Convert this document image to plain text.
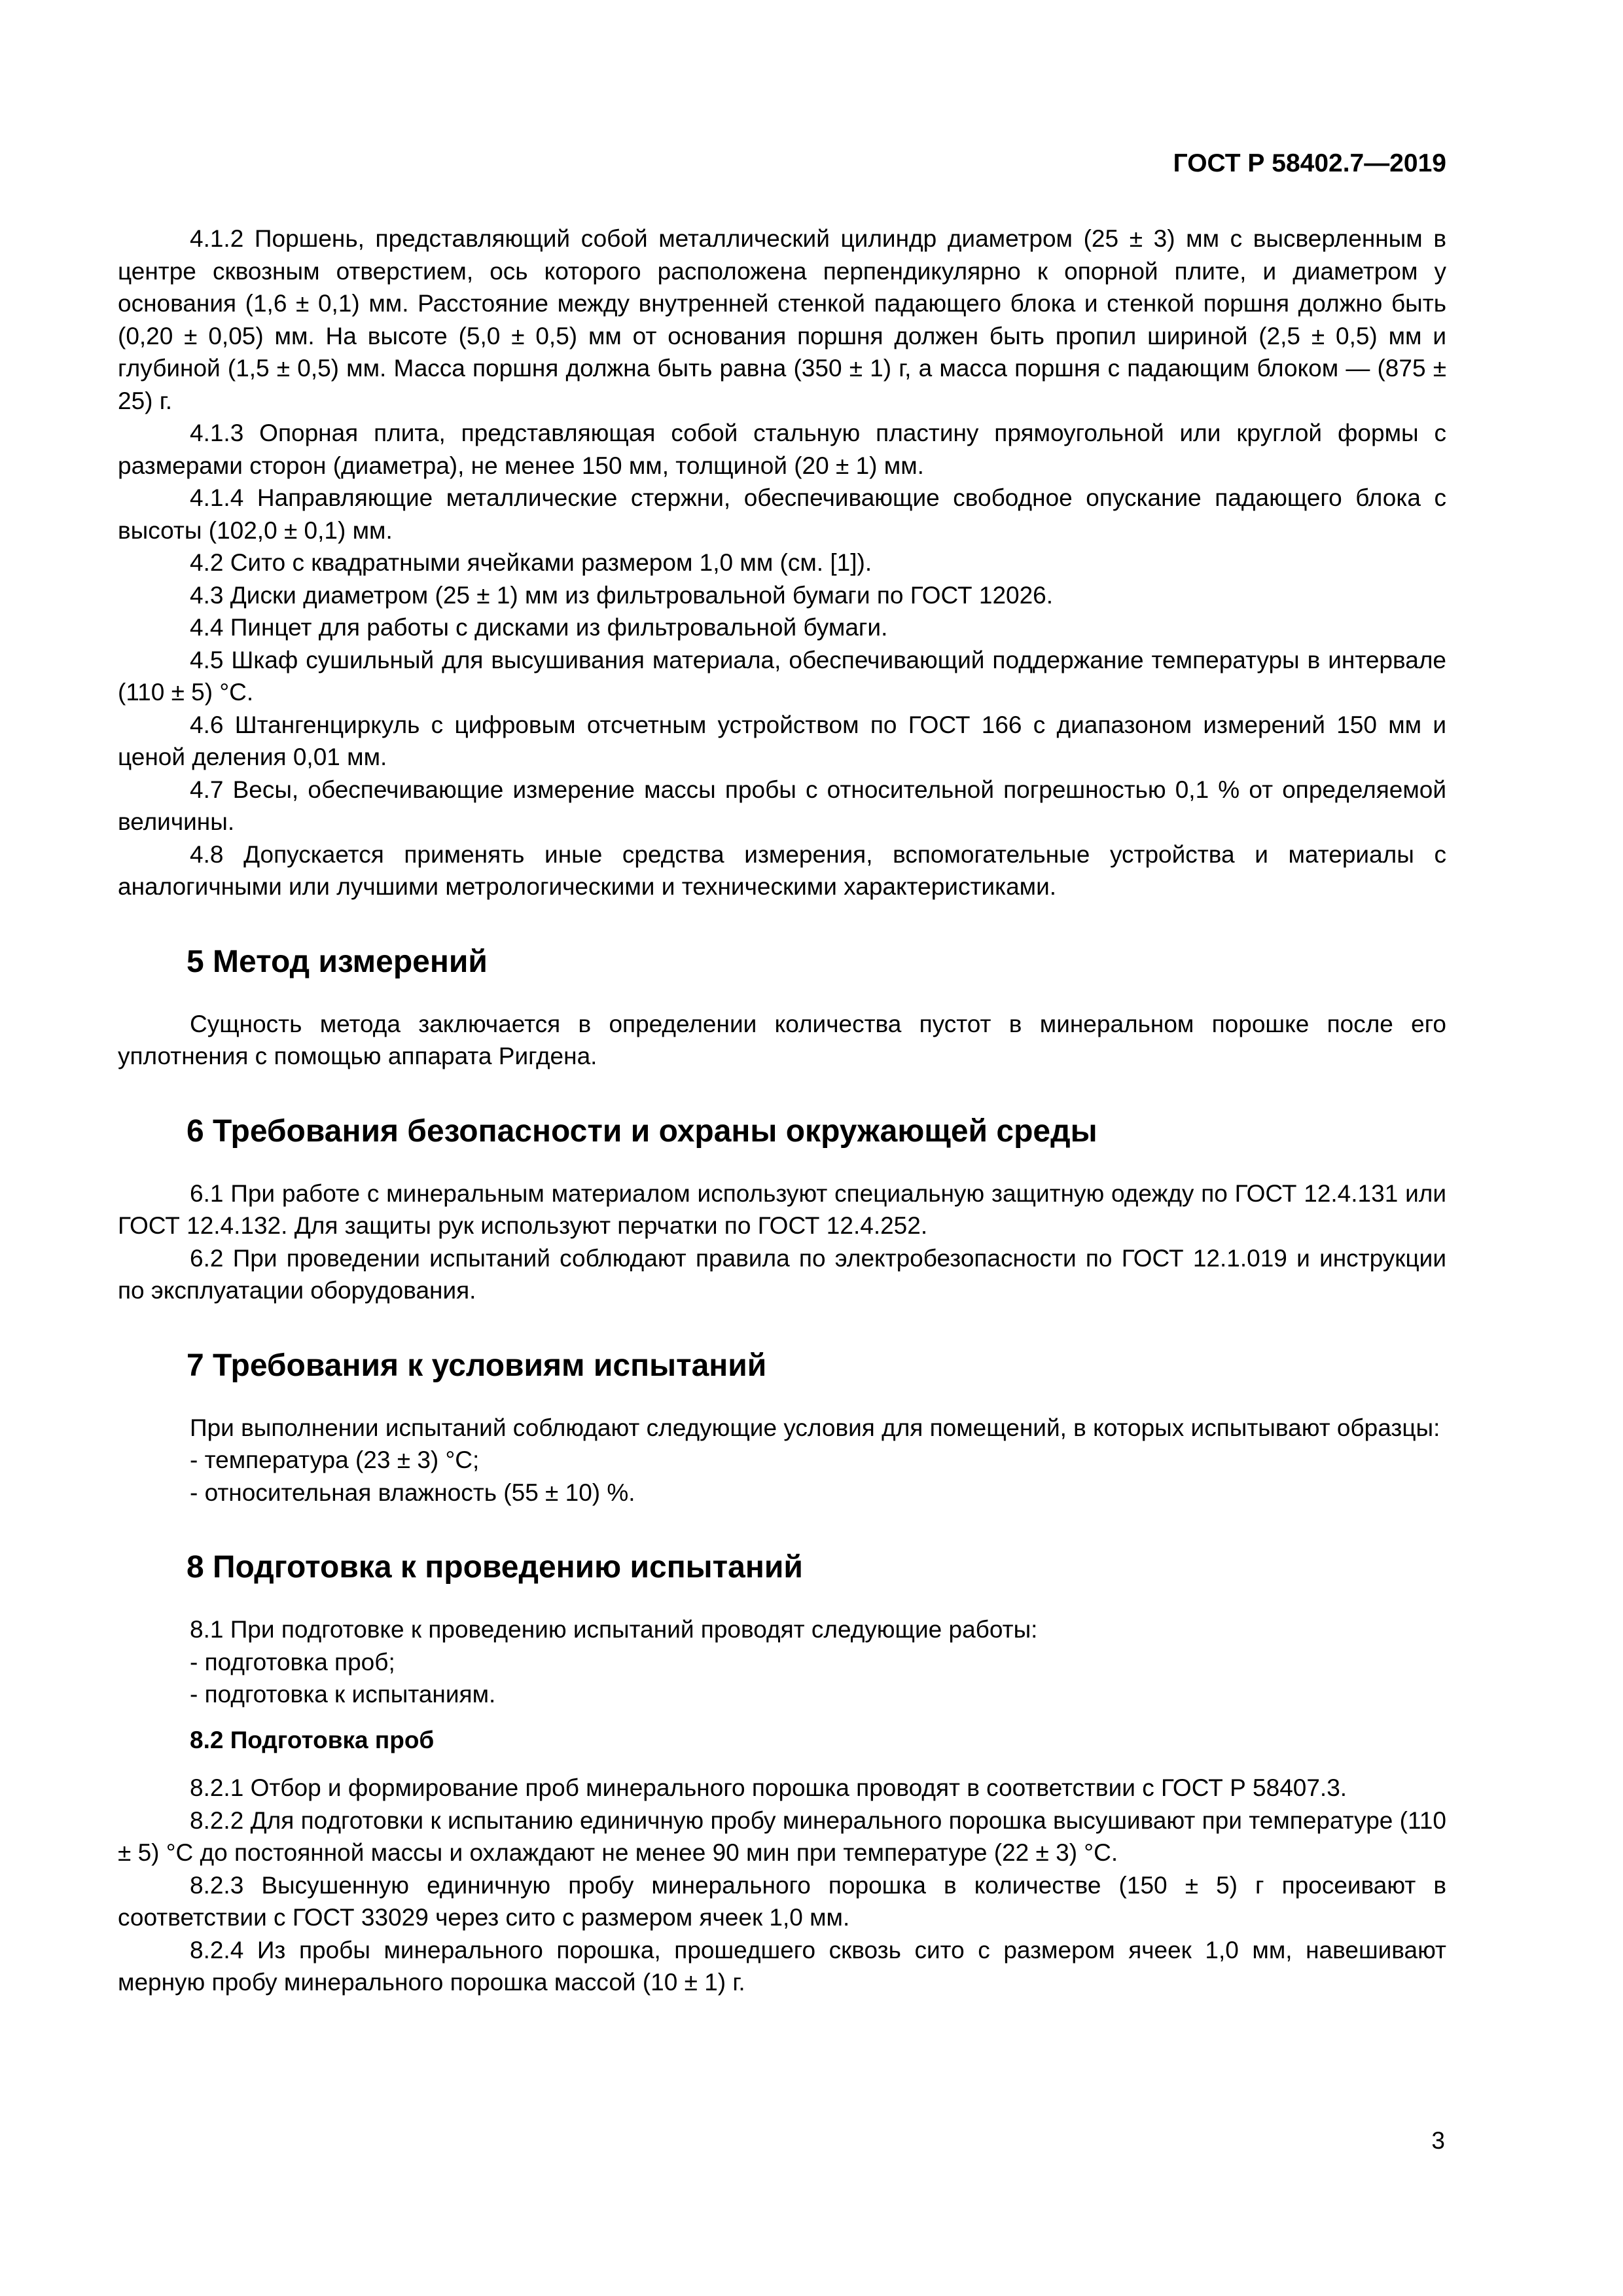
ГОСТ Р 58402.7—2019

4.1.2 Поршень, представляющий собой металлический цилиндр диаметром (25 ± 3) мм с высверленным в центре сквозным отверстием, ось которого расположена перпендикулярно к опорной плите, и диаметром у основания (1,6 ± 0,1) мм. Расстояние между внутренней стенкой падающего блока и стенкой поршня должно быть (0,20 ± 0,05) мм. На высоте (5,0 ± 0,5) мм от основания поршня должен быть пропил шириной (2,5 ± 0,5) мм и глубиной (1,5 ± 0,5) мм. Масса поршня должна быть равна (350 ± 1) г, а масса поршня с падающим блоком — (875 ± 25) г.

4.1.3 Опорная плита, представляющая собой стальную пластину прямоугольной или круглой формы с размерами сторон (диаметра), не менее 150 мм, толщиной (20 ± 1) мм.

4.1.4 Направляющие металлические стержни, обеспечивающие свободное опускание падающего блока с высоты (102,0 ± 0,1) мм.

4.2 Сито с квадратными ячейками размером 1,0 мм (см. [1]).

4.3 Диски диаметром (25 ± 1) мм из фильтровальной бумаги по ГОСТ 12026.

4.4 Пинцет для работы с дисками из фильтровальной бумаги.

4.5 Шкаф сушильный для высушивания материала, обеспечивающий поддержание температуры в интервале (110 ± 5) °С.

4.6 Штангенциркуль с цифровым отсчетным устройством по ГОСТ 166 с диапазоном измерений 150 мм и ценой деления 0,01 мм.

4.7 Весы, обеспечивающие измерение массы пробы с относительной погрешностью 0,1 % от определяемой величины.

4.8 Допускается применять иные средства измерения, вспомогательные устройства и материалы с аналогичными или лучшими метрологическими и техническими характеристиками.

5 Метод измерений

Сущность метода заключается в определении количества пустот в минеральном порошке после его уплотнения с помощью аппарата Ригдена.

6 Требования безопасности и охраны окружающей среды

6.1 При работе с минеральным материалом используют специальную защитную одежду по ГОСТ 12.4.131 или ГОСТ 12.4.132. Для защиты рук используют перчатки по ГОСТ 12.4.252.

6.2 При проведении испытаний соблюдают правила по электробезопасности по ГОСТ 12.1.019 и инструкции по эксплуатации оборудования.

7 Требования к условиям испытаний

При выполнении испытаний соблюдают следующие условия для помещений, в которых испытывают образцы:

- температура (23 ± 3) °С;

- относительная влажность (55 ± 10) %.

8 Подготовка к проведению испытаний

8.1 При подготовке к проведению испытаний проводят следующие работы:

- подготовка проб;

- подготовка к испытаниям.

8.2 Подготовка проб

8.2.1 Отбор и формирование проб минерального порошка проводят в соответствии с ГОСТ Р 58407.3.

8.2.2 Для подготовки к испытанию единичную пробу минерального порошка высушивают при температуре (110 ± 5) °С до постоянной массы и охлаждают не менее 90 мин при температуре (22 ± 3) °С.

8.2.3 Высушенную единичную пробу минерального порошка в количестве (150 ± 5) г просеивают в соответствии с ГОСТ 33029 через сито с размером ячеек 1,0 мм.

8.2.4 Из пробы минерального порошка, прошедшего сквозь сито с размером ячеек 1,0 мм, навешивают мерную пробу минерального порошка массой (10 ± 1) г.

3
